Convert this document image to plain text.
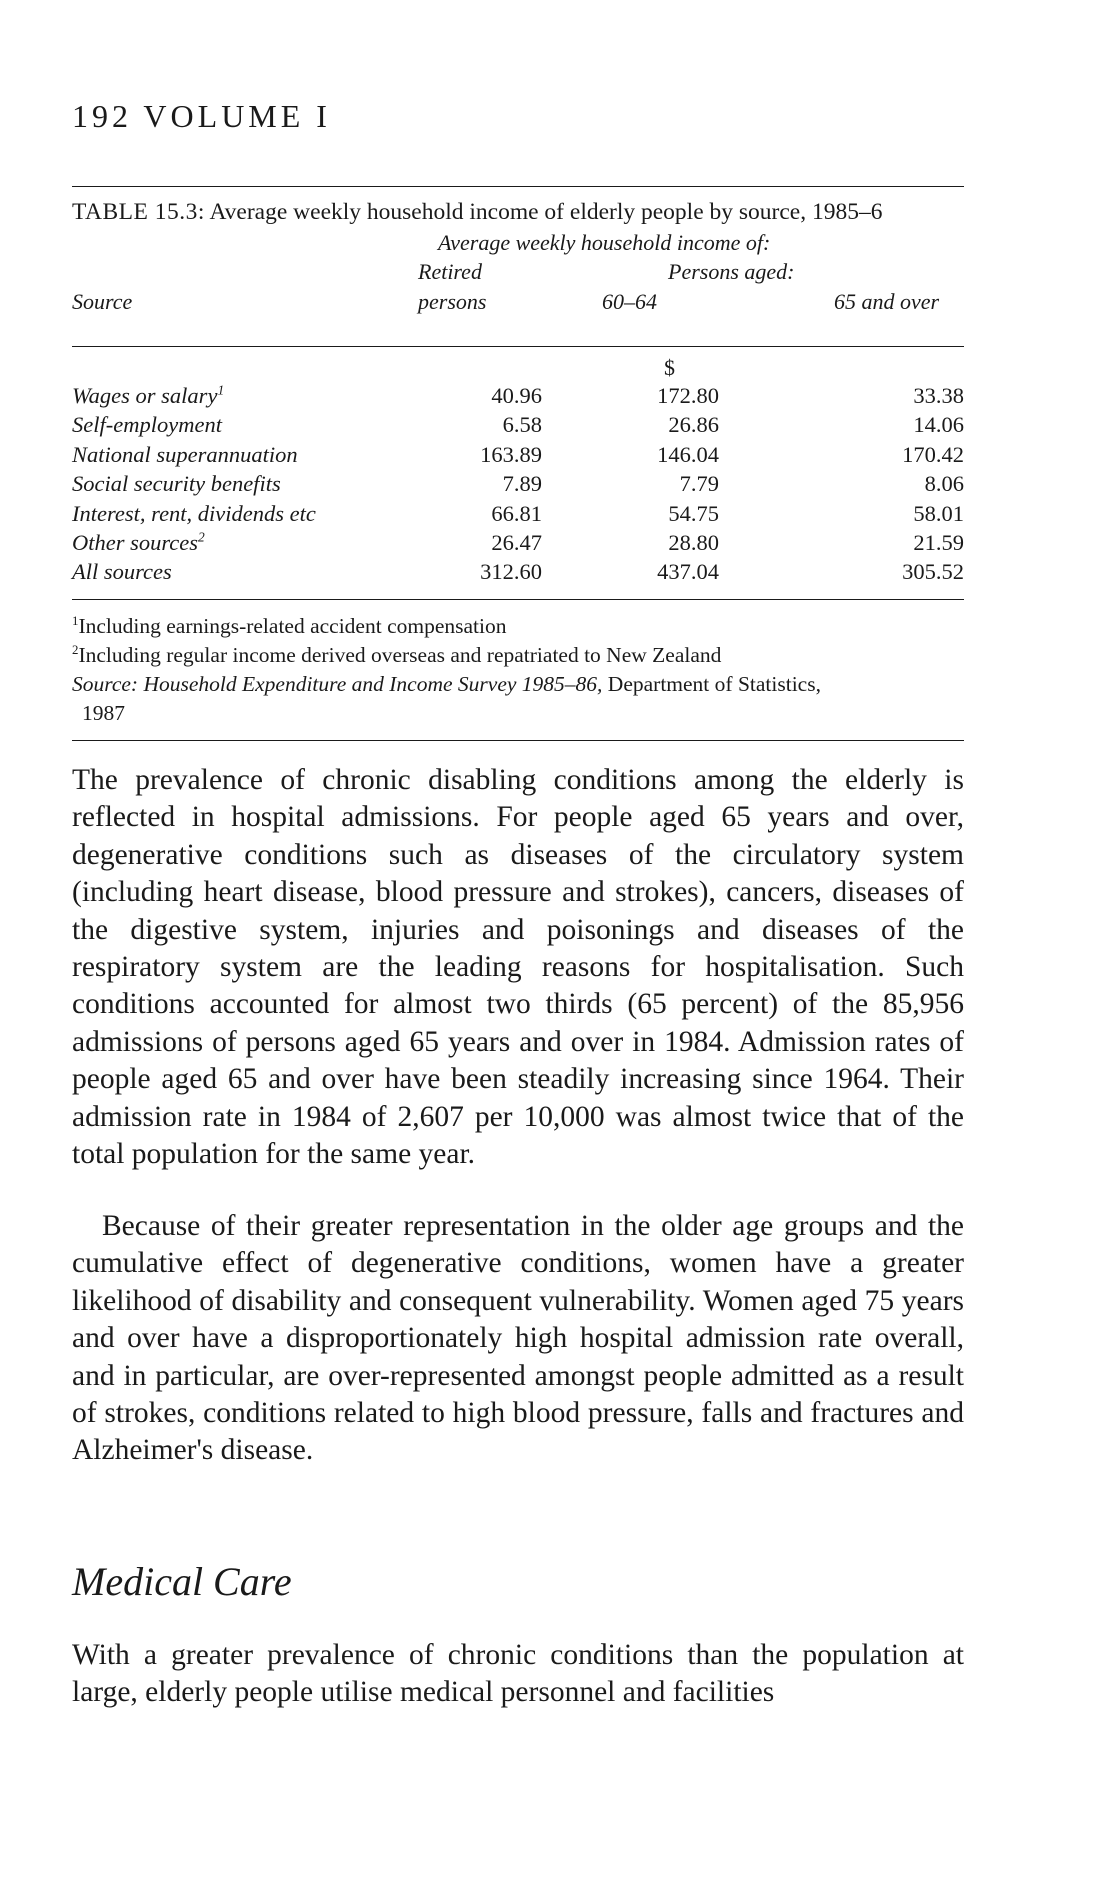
192 VOLUME I
TABLE 15.3: Average weekly household income of elderly people by source, 1985–6
Average weekly household income of:
Retired	Persons aged:
Source	persons	60–64	65 and over
$
Wages or salary$^1$	40.96	172.80	33.38
Self-employment	6.58	26.86	14.06
National superannuation	163.89	146.04	170.42
Social security benefits	7.89	7.79	8.06
Interest, rent, dividends etc	66.81	54.75	58.01
Other sources$^2$	26.47	28.80	21.59
All sources	312.60	437.04	305.52
$^1$Including earnings-related accident compensation
$^2$Including regular income derived overseas and repatriated to New Zealand
Source: Household Expenditure and Income Survey 1985–86, Department of Statistics,
1987

The prevalence of chronic disabling conditions among the elderly is reflected in hospital admissions. For people aged 65 years and over, degenerative conditions such as diseases of the circulatory system (including heart disease, blood pressure and strokes), cancers, diseases of the digestive system, injuries and poisonings and diseases of the respiratory system are the leading reasons for hospitalisation. Such conditions accounted for almost two thirds (65 percent) of the 85,956 admissions of persons aged 65 years and over in 1984. Admission rates of people aged 65 and over have been steadily increasing since 1964. Their admission rate in 1984 of 2,607 per 10,000 was almost twice that of the total population for the same year.

Because of their greater representation in the older age groups and the cumulative effect of degenerative conditions, women have a greater likelihood of disability and consequent vulnerability. Women aged 75 years and over have a disproportionately high hospital admission rate overall, and in particular, are over-represented amongst people admitted as a result of strokes, conditions related to high blood pressure, falls and fractures and Alzheimer's disease.

Medical Care

With a greater prevalence of chronic conditions than the population at large, elderly people utilise medical personnel and facilities
